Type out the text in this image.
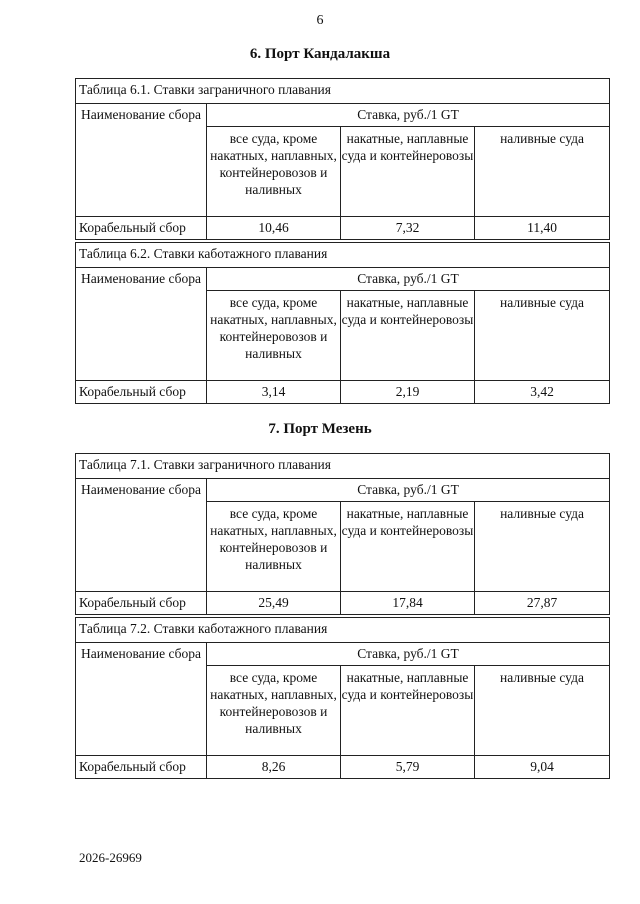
6
6. Порт Кандалакша
Таблица 6.1. Ставки заграничного плавания			
Наименование сбора	Ставка, руб./1 GT		
	все суда, кроме накатных, наплавных, контейнеровозов и наливных	накатные, наплавные суда и контейнеровозы	наливные суда
Корабельный сбор	10,46	7,32	11,40
Таблица 6.2. Ставки каботажного плавания			
Наименование сбора	Ставка, руб./1 GT		
	все суда, кроме накатных, наплавных, контейнеровозов и наливных	накатные, наплавные суда и контейнеровозы	наливные суда
Корабельный сбор	3,14	2,19	3,42
7. Порт Мезень
Таблица 7.1. Ставки заграничного плавания			
Наименование сбора	Ставка, руб./1 GT		
	все суда, кроме накатных, наплавных, контейнеровозов и наливных	накатные, наплавные суда и контейнеровозы	наливные суда
Корабельный сбор	25,49	17,84	27,87
Таблица 7.2. Ставки каботажного плавания			
Наименование сбора	Ставка, руб./1 GT		
	все суда, кроме накатных, наплавных, контейнеровозов и наливных	накатные, наплавные суда и контейнеровозы	наливные суда
Корабельный сбор	8,26	5,79	9,04
2026-26969
